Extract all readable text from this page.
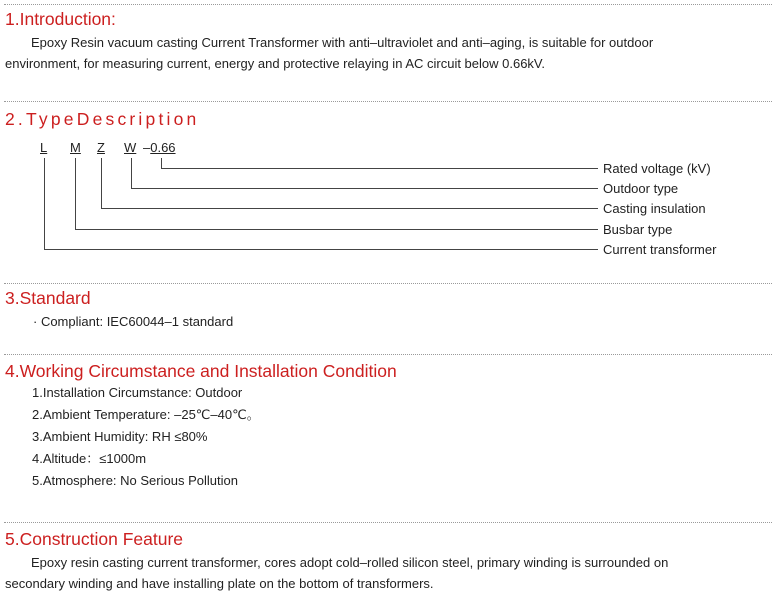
1.Introduction:

Epoxy Resin vacuum casting Current Transformer with anti–ultraviolet and anti–aging, is suitable for outdoor
environment, for measuring current, energy and protective relaying in AC circuit below 0.66kV.

2.TypeDescription
L M Z W –0.66
Rated voltage (kV)
Outdoor type
Casting insulation
Busbar type
Current transformer
3.Standard
· Compliant: IEC60044–1 standard
4.Working Circumstance and Installation Condition
1.Installation Circumstance: Outdoor
2.Ambient Temperature: –25℃–40℃。
3.Ambient Humidity: RH ≤80%
4.Altitude：≤1000m
5.Atmosphere: No Serious Pollution
5.Construction Feature

Epoxy resin casting current transformer, cores adopt cold–rolled silicon steel, primary winding is surrounded on
secondary winding and have installing plate on the bottom of transformers.
